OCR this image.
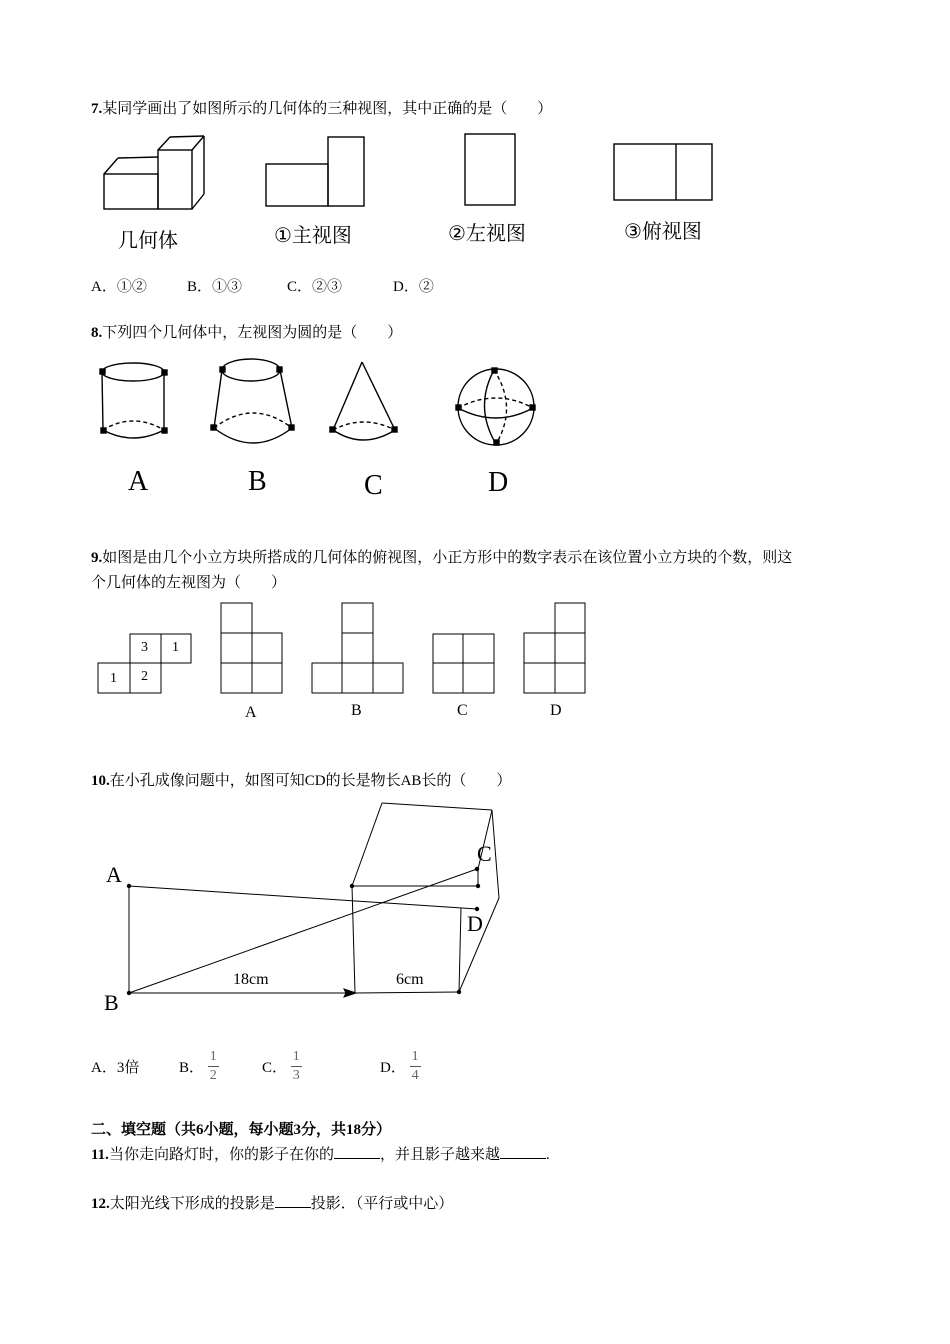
7.某同学画出了如图所示的几何体的三种视图，其中正确的是（　　）
几何体	①主视图	②左视图	③俯视图
A．①②	B．①③	C．②③	D．②
8.下列四个几何体中，左视图为圆的是（　　）
A	B	C	D
9.如图是由几个小立方块所搭成的几何体的俯视图，小正方形中的数字表示在该位置小立方块的个数，则这
个几何体的左视图为（　　）
3 1
1 2
A	B	C	D
10.在小孔成像问题中，如图可知CD的长是物长AB长的（　　）
A
B
C
D
18cm	6cm
A．3倍	B． $\frac{1}{2}$	C． $\frac{1}{3}$	D． $\frac{1}{4}$
二、填空题（共6小题，每小题3分，共18分）
11.当你走向路灯时，你的影子在你的	，并且影子越来越	.
12.太阳光线下形成的投影是 投影．（平行或中心）
